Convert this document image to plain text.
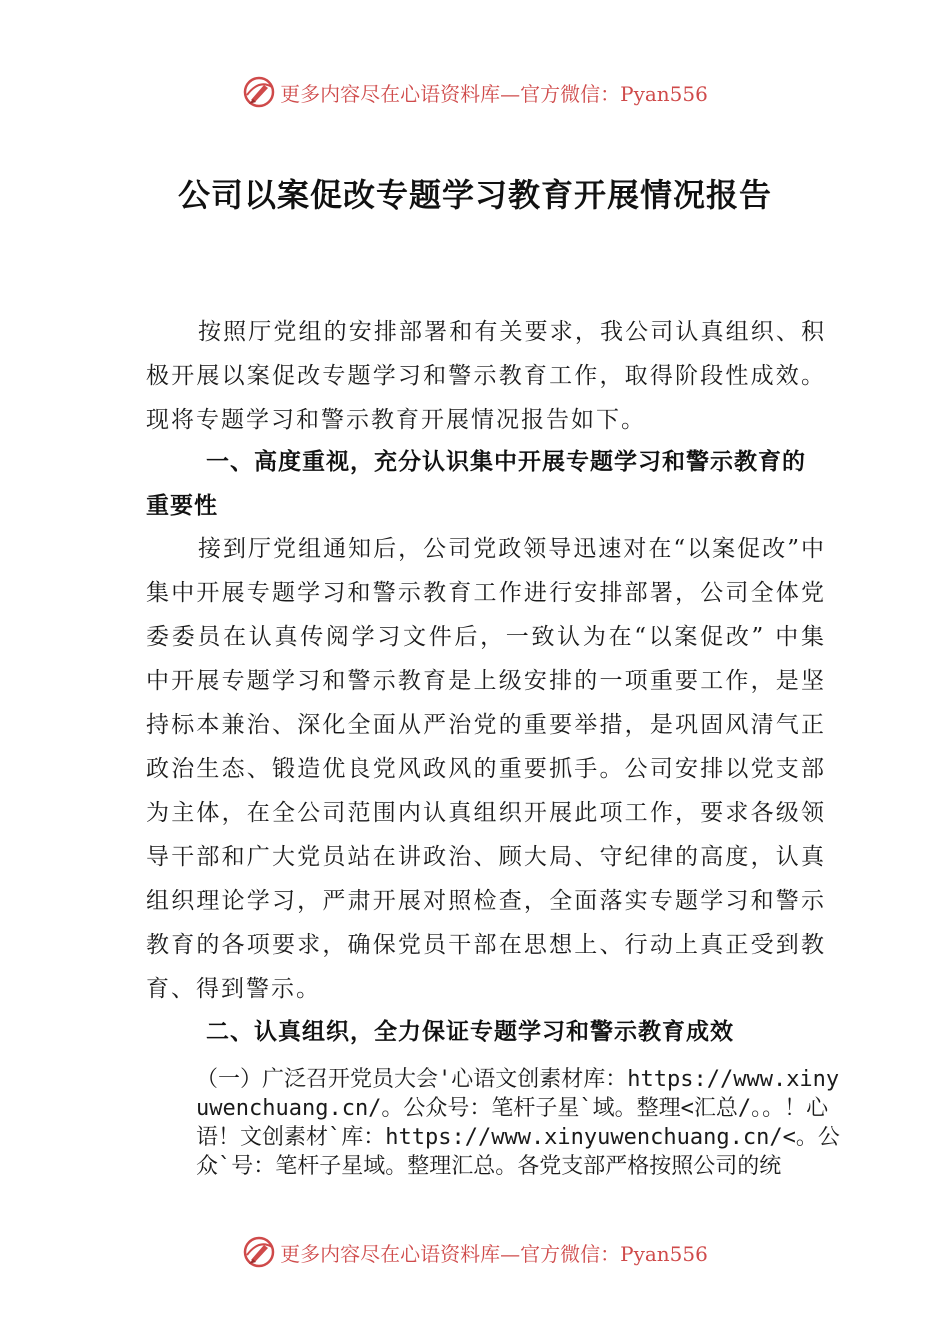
更多内容尽在心语资料库—官方微信：Pyan556
公司以案促改专题学习教育开展情况报告

按照厅党组的安排部署和有关要求，我公司认真组织、积极开展以案促改专题学习和警示教育工作，取得阶段性成效。现将专题学习和警示教育开展情况报告如下。

一、高度重视，充分认识集中开展专题学习和警示教育的重要性

接到厅党组通知后，公司党政领导迅速对在“以案促改”中集中开展专题学习和警示教育工作进行安排部署，公司全体党委委员在认真传阅学习文件后，一致认为在“以案促改” 中集中开展专题学习和警示教育是上级安排的一项重要工作，是坚持标本兼治、深化全面从严治党的重要举措，是巩固风清气正政治生态、锻造优良党风政风的重要抓手。公司安排以党支部为主体，在全公司范围内认真组织开展此项工作，要求各级领导干部和广大党员站在讲政治、顾大局、守纪律的高度，认真组织理论学习，严肃开展对照检查，全面落实专题学习和警示教育的各项要求，确保党员干部在思想上、行动上真正受到教育、得到警示。

二、认真组织，全力保证专题学习和警示教育成效

（一）广泛召开党员大会'心语文创素材库：https://www.xinyuwenchuang.cn/。公众号：笔杆子星`域。整理<汇总/。。！心语！文创素材`库：https://www.xinyuwenchuang.cn/<。公众`号：笔杆子星域。整理汇总。各党支部严格按照公司的统

更多内容尽在心语资料库—官方微信：Pyan556
